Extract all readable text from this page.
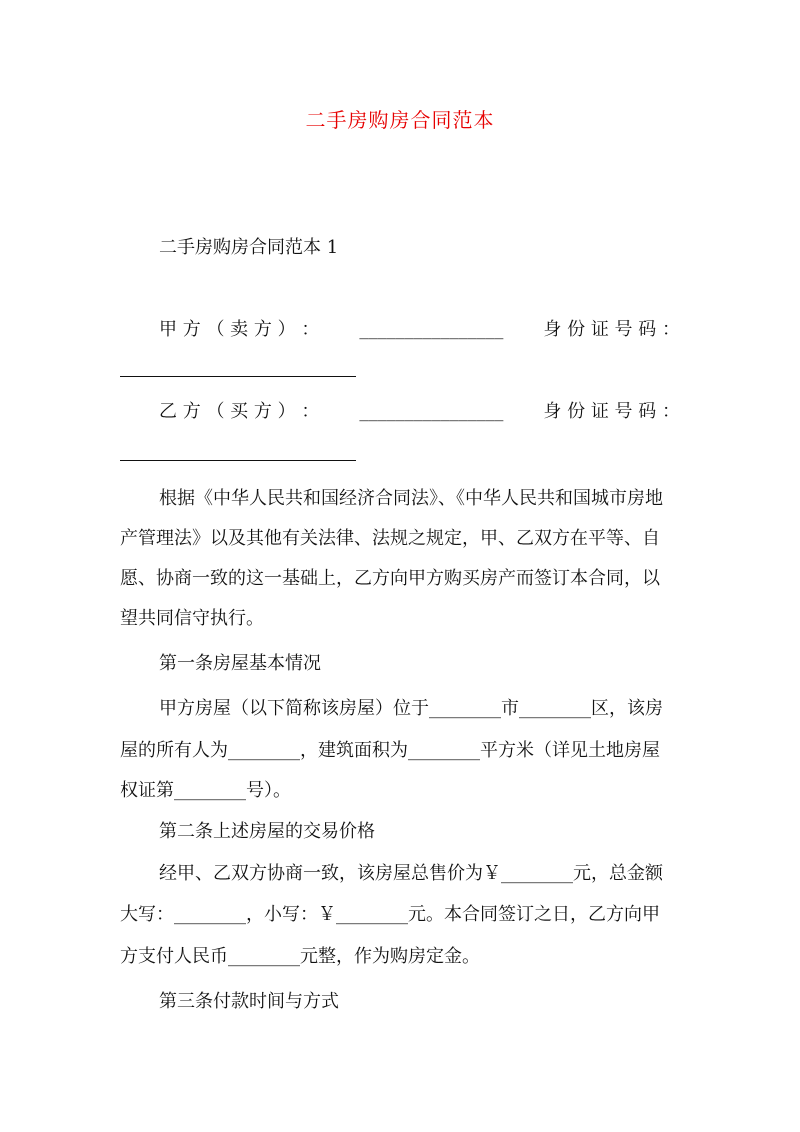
二手房购房合同范本
二手房购房合同范本 1
甲 方 （ 卖 方 ） ： ________________ 身 份 证 号 码 ：
乙 方 （ 买 方 ） ： ________________ 身 份 证 号 码 ：
根据《中华人民共和国经济合同法》、《中华人民共和国城市房地
产管理法》以及其他有关法律、法规之规定，甲、乙双方在平等、自
愿、协商一致的这一基础上，乙方向甲方购买房产而签订本合同，以
望共同信守执行。
第一条房屋基本情况
甲方房屋（以下简称该房屋）位于________市________区，该房
屋的所有人为________，建筑面积为________平方米（详见土地房屋
权证第________号）。
第二条上述房屋的交易价格
经甲、乙双方协商一致，该房屋总售价为￥________元，总金额
大写：________，小写：￥________元。本合同签订之日，乙方向甲
方支付人民币________元整，作为购房定金。
第三条付款时间与方式
